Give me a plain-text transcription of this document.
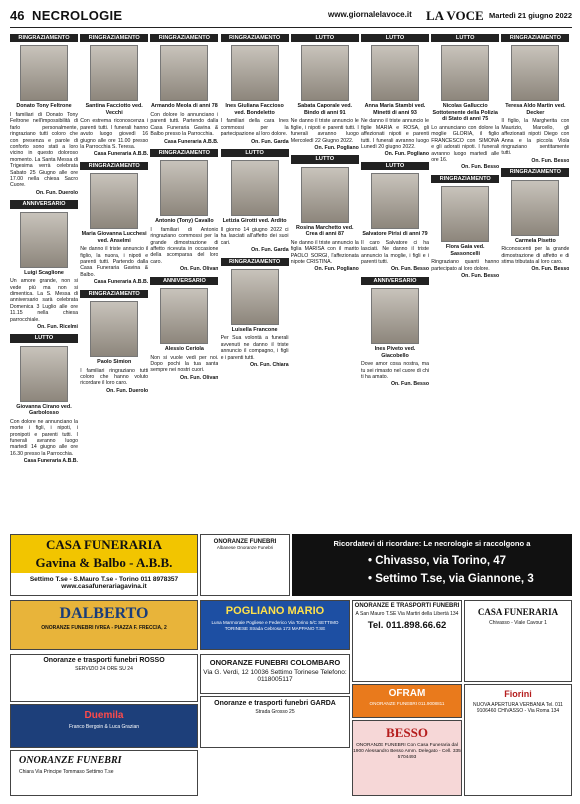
46 NECROLOGIE	www.giornalelavoce.it LA VOCE Martedì 21 giugno 2022
RINGRAZIAMENTO
Donato Tony Feltrone
I familiari di Donato Tony Feltrone nell'impossibilità di farlo personalmente, ringraziano tutti coloro che con presenza e parole di conforto sono stati a loro vicino in questo doloroso momento. La Santa Messa di Trigesima verrà celebrata Sabato 25 Giugno alle ore 17.00 nella chiesa Sacro Cuore.
On. Fun. Duerolo
ANNIVERSARIO
Luigi Scaglione
Un amore grande, non si vede più ma non si dimentica. La S. Messa di anniversario sarà celebrata Domenica 3 Luglio alle ore 11.15 nella chiesa parrocchiale.
On. Fun. Ricelmi
LUTTO
Giovanna Cirano ved. Garbolosso
Con dolore ne annunciano la morte i figli, i nipoti, i pronipoti e parenti tutti. I funerali avranno luogo martedì 14 giugno alle ore 16.30 presso la Parrocchia.
Casa Funeraria A.B.B.
RINGRAZIAMENTO
Santina Facciotto ved. Vecchi
Con estrema riconoscenza i parenti tutti. I funerali hanno avuto luogo giovedì 16 giugno alle ore 11.00 presso la Parrocchia S. Teresa.
Casa Funeraria A.B.B.
RINGRAZIAMENTO
Maria Giovanna Lucchesi ved. Anselmi
Ne danno il triste annuncio il figlio, la nuora, i nipoti e parenti tutti. Partendo dalla Casa Funeraria Gavina & Balbo.
Casa Funeraria A.B.B.
RINGRAZIAMENTO
Paolo Simion
I familiari ringraziano tutti coloro che hanno voluto ricordare il loro caro.
On. Fun. Duerolo
RINGRAZIAMENTO
Armando Meola di anni 78
Con dolore lo annunciano i parenti tutti. Partendo dalla Casa Funeraria Gavina & Balbo presso la Parrocchia.
Casa Funeraria A.B.B.
RINGRAZIAMENTO
Antonio (Tony) Cavallo
I familiari di Antonio ringraziano commossi per la grande dimostrazione di affetto ricevuta in occasione della scomparsa del loro caro.
On. Fun. Olivan
ANNIVERSARIO
Alessio Ceriola
Non si vuole vedi per noi. Dopo pochi la tua santa sempre nei nostri cuori.
On. Fun. Olivan
RINGRAZIAMENTO
Ines Giuliana Faccioso ved. Bondeletto
I familiari della cara Ines commossi per la partecipazione al loro dolore.
On. Fun. Garda
LUTTO
Letizia Girotti ved. Ardito
Il giorno 14 giugno 2022 ci ha lasciati all'affetto dei suoi cari.
On. Fun. Garda
RINGRAZIAMENTO
Luisella Francone
Per Sua volontà a funerali avvenuti ne danno il triste annuncio il compagno, i figli e i parenti tutti.
On. Fun. Chiara
LUTTO
Sabata Caporale ved. Bindo di anni 91
Ne danno il triste annuncio le figlie, i nipoti e parenti tutti. I funerali avranno luogo Mercoledì 22 Giugno 2022.
On. Fun. Pogliano
LUTTO
Rosina Marchetto ved. Crea di anni 87
Ne danno il triste annuncio la figlia MARISA con il marito PAOLO SORGI, l'affezionata nipote CRISTINA.
On. Fun. Pogliano
LUTTO
Anna Maria Stambi ved. Minetti di anni 93
Ne danno il triste annuncio le figlie MARIA e ROSA, gli affezionati nipoti e parenti tutti. I funerali avranno luogo Lunedì 20 giugno 2022.
On. Fun. Pogliano
LUTTO
Salvatore Pirisi di anni 79
Il caro Salvatore ci ha lasciati. Ne danno il triste annuncio la moglie, i figli e i parenti tutti.
On. Fun. Besso
ANNIVERSARIO
Ines Piveto ved. Giacobello
Dove amor cosa nostra, ma tu sei rimasto nel cuore di chi ti ha amato.
On. Fun. Besso
LUTTO
Nicolas Galluccio Sottotenente della Polizia di Stato di anni 75
Lo annunciano con dolore la moglie GLORIA, il figlio FRANCESCO con SIMONA e gli adorati nipoti. I funerali avranno luogo martedì alle ore 16.
On. Fun. Besso
RINGRAZIAMENTO
Flora Gaia ved. Sassoncelli
Ringraziano quanti hanno partecipato al loro dolore.
On. Fun. Besso
RINGRAZIAMENTO
Teresa Aldo Martin ved. Decker
Il figlio, la Margherita con Maurizio, Marcello, gli affezionati nipoti Diego con Anna e la piccola Viola ringraziano sentitamente tutti.
On. Fun. Besso
RINGRAZIAMENTO
Carmela Pisetto
Riconoscenti per la grande dimostrazione di affetto e di stima tributata al loro caro.
On. Fun. Besso
CASA FUNERARIA
Gavina & Balbo - A.B.B.
Settimo T.se - S.Mauro T.se - Torino 011 8978357 www.casafunerariagavina.it
ONORANZE FUNEBRI
Albanese Onoranze Funebri	Ricordatevi di ricordare: Le necrologie si raccolgono a
• Chivasso, via Torino, 47
• Settimo T.se, via Giannone, 3
DALBERTO
ONORANZE FUNEBRI IVREA - PIAZZA F. FRECCIA, 2
POGLIANO MARIO
Luna Marmorale Pogliese e Federico Via Torino 5/C SETTIMO TORINESE Strada Cebrosa 173 MAPPANO T.SE
ONORANZE E TRASPORTI FUNEBRI
A San Mauro T.SE Via Martiri della Libertà 134
Tel. 011.898.66.62
CASA FUNERARIA
Chivasso - Viale Cavour 1
Onoranze e trasporti funebri ROSSO
SERVIZIO 24 ORE SU 24
ONORANZE FUNEBRI COLOMBARO
Via G. Verdi, 12 10036 Settimo Torinese Telefono: 0118005117
OFRAM
ONORANZE FUNEBRI 011.9008811
Fiorini
NUOVA APERTURA VERBANIA Tel. 011 9106460 CHIVASSO - Via Roma 134
Duemila
Franco Bergoin & Luca Grazian
Onoranze e trasporti funebri GARDA
Strada Grosso 25
BESSO
ONORANZE FUNEBRI Con Casa Funeraria dal 1900 Alessandro Besso Amm. Delegato - Cell. 335 5704493
ONORANZE FUNEBRI
Chiara Via Principe Tommaso Settimo T.se
